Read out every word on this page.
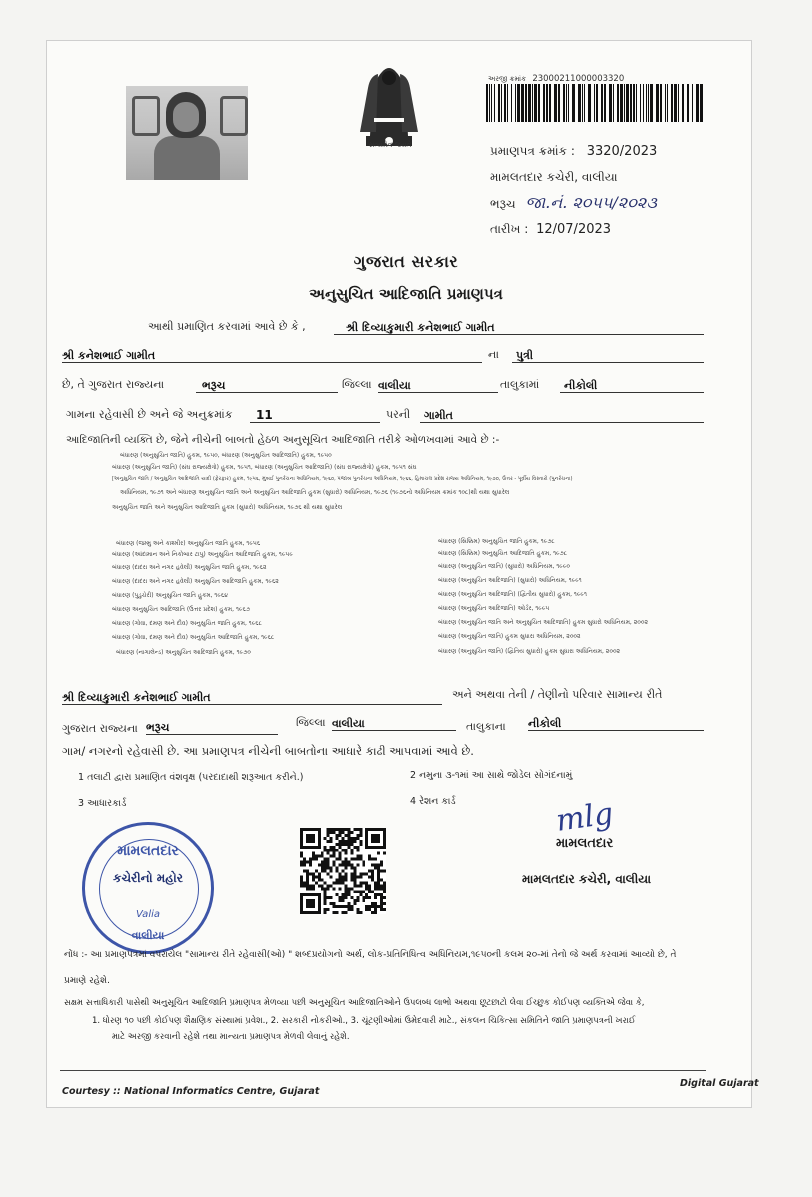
સત્યમેવ જયતે
અરજી ક્રમાંક 23000211000003320
પ્રમાણપત્ર ક્રમાંક : 3320/2023
મામલતદાર કચેરી, વાલીયા
ભરૂચ જા.નં. ૨૦૫૫/૨૦૨૩
તારીખ : 12/07/2023
ગુજરાત સરકાર
અનુસુચિત આદિજાતિ પ્રમાણપત્ર
આથી પ્રમાણિત કરવામાં આવે છે કે ,	શ્રી દિવ્યાકુમારી કનેશભાઈ ગામીત
શ્રી કનેશભાઈ ગામીત	ના	પુત્રી
છે, તે ગુજરાત રાજ્યના	ભરૂચ	જિલ્લા વાલીયા	તાલુકામાં	નીકોલી
ગામના રહેવાસી છે અને જે અનુક્રમાંક	11	પરની	ગામીત
આદિજાતિની વ્યક્તિ છે, જેને નીચેની બાબતો હેઠળ અનુસૂચિત આદિજાતિ તરીકે ઓળખવામાં આવે છે :-
બંધારણ (અનુસુચિત જાતિ) હુકમ, ૧૯૫૦, બંધારણ (અનુસુચિત આદિજાતિ) હુકમ, ૧૯૫૦
બંધારણ (અનુસુચિત જાતિ) (સંઘ રાજ્યક્ષેત્રો) હુકમ, ૧૯૫૧, બંધારણ (અનુસુચિત આદિજાતિ) (સંઘ રાજ્યક્ષેત્રો) હુકમ, ૧૯૫૧ સંઘ
[અનુસુચિત જાતિ / અનુસુચિત આદિજાતિ યાદી (ફેરફાર) હુકમ, ૧૯૫૬, મુંબઈ પુનર્રચના અધિનિયમ, ૧૯૬૦, પંજાબ પુનર્રચના અધિનિયમ, ૧૯૬૬, હિમાચલ પ્રદેશ રાજ્ય અધિનિયમ, ૧૯૭૦, ઉત્તર - પૂર્વીય વિસ્તારો (પુનર્રચના)
અધિનિયમ, ૧૯૭૧ અને બંધારણ અનુસુચિત જાતિ અને અનુસુચિત આદિજાતિ હુકમ (સુધારો) અધિનિયમ, ૧૯૭૬ (૧૯૭૬નો અધિનિયમ ક્રમાંક ૧૦૮)થી યથા સુધારેલ
અનુસુચિત જાતિ અને અનુસુચિત આદિજાતિ હુકમ (સુધારો) અધિનિયમ, ૧૯૭૬ થી યથા સુધારેલ
બંધારણ (જમ્મુ અને કાશ્મીર) અનુસુચિત જાતિ હુકમ, ૧૯૫૬
બંધારણ (આંદામાન અને નિકોબાર ટાપુ) અનુસુચિત આદિજાતિ હુકમ, ૧૯૫૯
બંધારણ (દાદરા અને નગર હવેલી) અનુસુચિત જાતિ હુકમ, ૧૯૬૨
બંધારણ (દાદરા અને નગર હવેલી) અનુસુચિત આદિજાતિ હુકમ, ૧૯૬૨
બંધારણ (પુડુચેરી) અનુસુચિત જાતિ હુકમ, ૧૯૬૪
બંધારણ અનુસુચિત આદિજાતિ (ઉત્તર પ્રદેશ) હુકમ, ૧૯૬૭
બંધારણ (ગોવા, દમણ અને દીવ) અનુસુચિત જાતિ હુકમ, ૧૯૬૮
બંધારણ (ગોવા, દમણ અને દીવ) અનુસુચિત આદિજાતિ હુકમ, ૧૯૬૮
બંધારણ (નાગાલેન્ડ) અનુસુચિત આદિજાતિ હુકમ, ૧૯૭૦
બંધારણ (સિક્કિમ) અનુસુચિત જાતિ હુકમ, ૧૯૭૮
બંધારણ (સિક્કિમ) અનુસુચિત આદિજાતિ હુકમ, ૧૯૭૮
બંધારણ (અનુસુચિત જાતિ) (સુધારો) અધિનિયમ, ૧૯૯૦
બંધારણ (અનુસુચિત આદિજાતિ) (સુધારો) અધિનિયમ, ૧૯૯૧
બંધારણ (અનુસુચિત આદિજાતિ) (દ્વિતીય સુધારો) હુકમ, ૧૯૯૧
બંધારણ (અનુસુચિત આદિજાતિ) ઓર્ડર, ૧૯૯૫
બંધારણ (અનુસુચિત જાતિ અને અનુસુચિત આદિજાતિ) હુકમ સુધારો અધિનિયમ, ૨૦૦૨
બંધારણ (અનુસુચિત જાતિ) હુકમ સુધારા અધિનિયમ, ૨૦૦૨
બંધારણ (અનુસુચિત જાતિ) (દ્વિતિય સુધારો) હુકમ સુધારા અધિનિયમ, ૨૦૦૨
શ્રી દિવ્યાકુમારી કનેશભાઈ ગામીત	અને અથવા તેની / તેણીનો પરિવાર સામાન્ય રીતે
ગુજરાત રાજ્યના ભરૂચ	જિલ્લા વાલીયા	તાલુકાના નીકોલી
ગામ/ નગરનો રહેવાસી છે. આ પ્રમાણપત્ર નીચેની બાબતોના આધારે કાઢી આપવામાં આવે છે.
1 તલાટી દ્વારા પ્રમાણિત વંશવૃક્ષ (પરદાદાથી શરૂઆત કરીને.)	2 નમુના ૩-૧માં આ સાથે જોડેલ સોગંદનામું
3 આધારકાર્ડ	4 રેશન કાર્ડ
મામલતદાર
કચેરીનો મહોર
Valia
વાલીયા
mlg
મામલતદાર
મામલતદાર કચેરી, વાલીયા
નોંધ :- આ પ્રમાણપત્રમાં વપરાયેલ "સામાન્ય રીતે રહેવાસી(ઓ) " શબ્દપ્રયોગનો અર્થ, લોક-પ્રતિનિધિત્વ અધિનિયમ,૧૯૫૦ની કલમ ૨૦-માં તેનો જે અર્થ કરવામાં આવ્યો છે, તે
પ્રમાણે રહેશે.
સક્ષમ સત્તાધિકારી પાસેથી અનુસૂચિત આદિજાતિ પ્રમાણપત્ર મેળવ્યા પછી અનુસૂચિત આદિજાતિઓને ઉપલબ્ધ લાભો અથવા છૂટછાટો લેવા ઈચ્છુક કોઈપણ વ્યક્તિએ જેવા કે,
1. ધોરણ ૧૦ પછી કોઈપણ શૈક્ષણિક સંસ્થામાં પ્રવેશ., 2. સરકારી નોકરીઓ., 3. ચૂંટણીઓમાં ઉમેદવારી માટે., સંકલન ચિકિત્સા સમિતિને જાતિ પ્રમાણપત્રની ખરાઈ
માટે અરજી કરવાની રહેશે તથા માન્યતા પ્રમાણપત્ર મેળવી લેવાનું રહેશે.
Courtesy :: National Informatics Centre, Gujarat
Digital Gujarat
